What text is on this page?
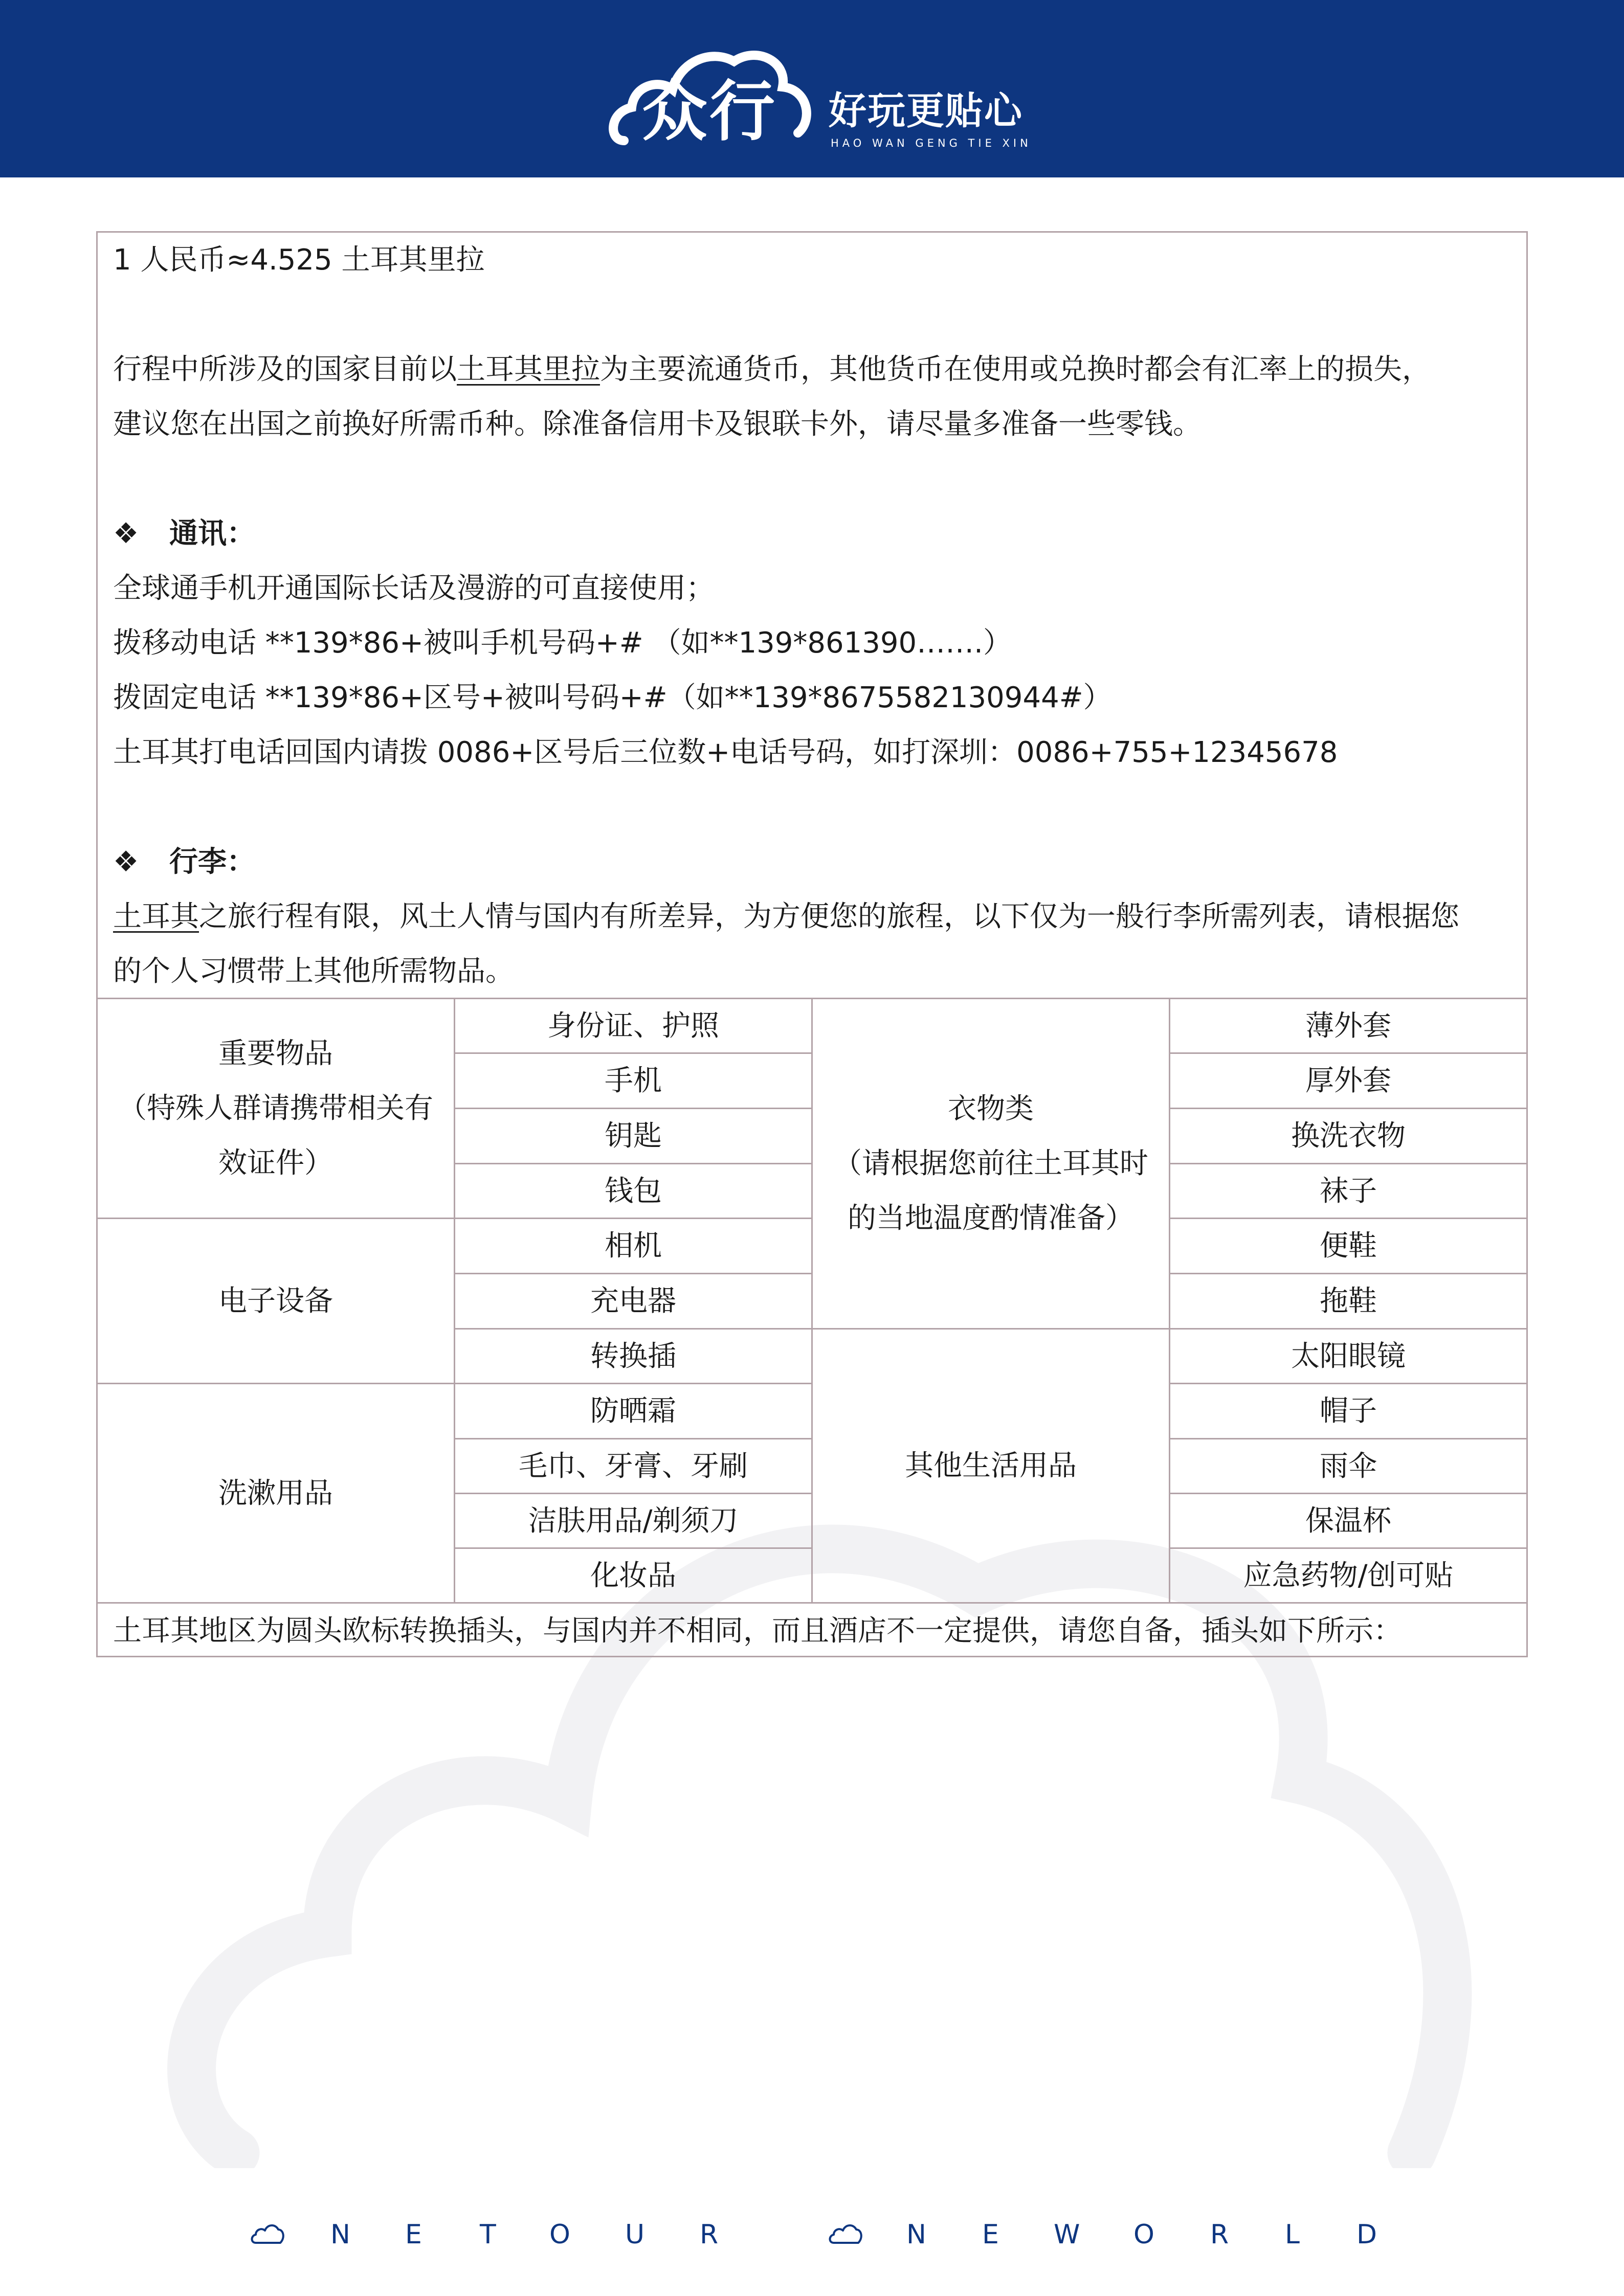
众行 好玩更贴心
HAO WAN GENG TIE XIN
1 人民币≈4.525 土耳其里拉
行程中所涉及的国家目前以土耳其里拉为主要流通货币，其他货币在使用或兑换时都会有汇率上的损失，
建议您在出国之前换好所需币种。除准备信用卡及银联卡外，请尽量多准备一些零钱。
❖ 通讯：
全球通手机开通国际长话及漫游的可直接使用；
拨移动电话 **139*86+被叫手机号码+# （如**139*861390…….）
拨固定电话 **139*86+区号+被叫号码+#（如**139*8675582130944#）
土耳其打电话回国内请拨 0086+区号后三位数+电话号码，如打深圳：0086+755+12345678
❖ 行李：
土耳其之旅行程有限，风土人情与国内有所差异，为方便您的旅程，以下仅为一般行李所需列表，请根据您
的个人习惯带上其他所需物品。
重要物品
（特殊人群请携带相关有
效证件）
电子设备
洗漱用品
身份证、护照
手机
钥匙
钱包
相机
充电器
转换插
防晒霜
毛巾、牙膏、牙刷
洁肤用品/剃须刀
化妆品
衣物类
（请根据您前往土耳其时
的当地温度酌情准备）
其他生活用品
薄外套
厚外套
换洗衣物
袜子
便鞋
拖鞋
太阳眼镜
帽子
雨伞
保温杯
应急药物/创可贴
土耳其地区为圆头欧标转换插头，与国内并不相同，而且酒店不一定提供，请您自备，插头如下所示：
N E T O U R	N E W O R L D
